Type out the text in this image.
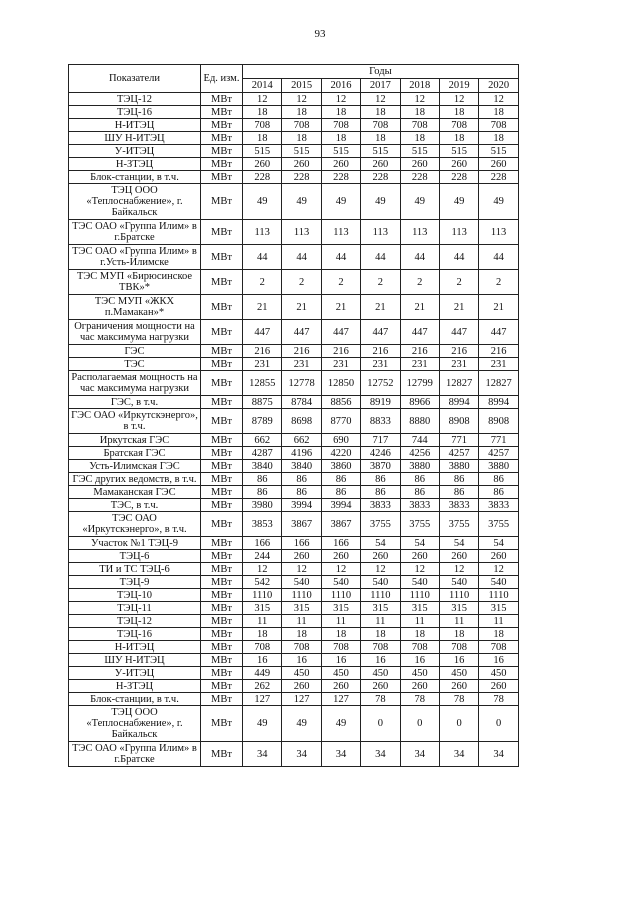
93
Показатели	Ед. изм.	Годы						
		2014	2015	2016	2017	2018	2019	2020
ТЭЦ-12	МВт	12	12	12	12	12	12	12
ТЭЦ-16	МВт	18	18	18	18	18	18	18
Н-ИТЭЦ	МВт	708	708	708	708	708	708	708
ШУ Н-ИТЭЦ	МВт	18	18	18	18	18	18	18
У-ИТЭЦ	МВт	515	515	515	515	515	515	515
Н-ЗТЭЦ	МВт	260	260	260	260	260	260	260
Блок-станции, в т.ч.	МВт	228	228	228	228	228	228	228
ТЭЦ ООО «Теплоснабжение», г. Байкальск	МВт	49	49	49	49	49	49	49
ТЭС ОАО «Группа Илим» в г.Братске	МВт	113	113	113	113	113	113	113
ТЭС ОАО «Группа Илим» в г.Усть-Илимске	МВт	44	44	44	44	44	44	44
ТЭС МУП «Бирюсинское ТВК»*	МВт	2	2	2	2	2	2	2
ТЭС МУП «ЖКХ п.Мамакан»*	МВт	21	21	21	21	21	21	21
Ограничения мощности на час максимума нагрузки	МВт	447	447	447	447	447	447	447
ГЭС	МВт	216	216	216	216	216	216	216
ТЭС	МВт	231	231	231	231	231	231	231
Располагаемая мощность на час максимума нагрузки	МВт	12855	12778	12850	12752	12799	12827	12827
ГЭС, в т.ч.	МВт	8875	8784	8856	8919	8966	8994	8994
ГЭС ОАО «Иркутскэнерго», в т.ч.	МВт	8789	8698	8770	8833	8880	8908	8908
Иркутская ГЭС	МВт	662	662	690	717	744	771	771
Братская ГЭС	МВт	4287	4196	4220	4246	4256	4257	4257
Усть-Илимская ГЭС	МВт	3840	3840	3860	3870	3880	3880	3880
ГЭС других ведомств, в т.ч.	МВт	86	86	86	86	86	86	86
Мамаканская ГЭС	МВт	86	86	86	86	86	86	86
ТЭС, в т.ч.	МВт	3980	3994	3994	3833	3833	3833	3833
ТЭС ОАО «Иркутскэнерго», в т.ч.	МВт	3853	3867	3867	3755	3755	3755	3755
Участок №1 ТЭЦ-9	МВт	166	166	166	54	54	54	54
ТЭЦ-6	МВт	244	260	260	260	260	260	260
ТИ и ТС ТЭЦ-6	МВт	12	12	12	12	12	12	12
ТЭЦ-9	МВт	542	540	540	540	540	540	540
ТЭЦ-10	МВт	1110	1110	1110	1110	1110	1110	1110
ТЭЦ-11	МВт	315	315	315	315	315	315	315
ТЭЦ-12	МВт	11	11	11	11	11	11	11
ТЭЦ-16	МВт	18	18	18	18	18	18	18
Н-ИТЭЦ	МВт	708	708	708	708	708	708	708
ШУ Н-ИТЭЦ	МВт	16	16	16	16	16	16	16
У-ИТЭЦ	МВт	449	450	450	450	450	450	450
Н-ЗТЭЦ	МВт	262	260	260	260	260	260	260
Блок-станции, в т.ч.	МВт	127	127	127	78	78	78	78
ТЭЦ ООО «Теплоснабжение», г. Байкальск	МВт	49	49	49	0	0	0	0
ТЭС ОАО «Группа Илим» в г.Братске	МВт	34	34	34	34	34	34	34
